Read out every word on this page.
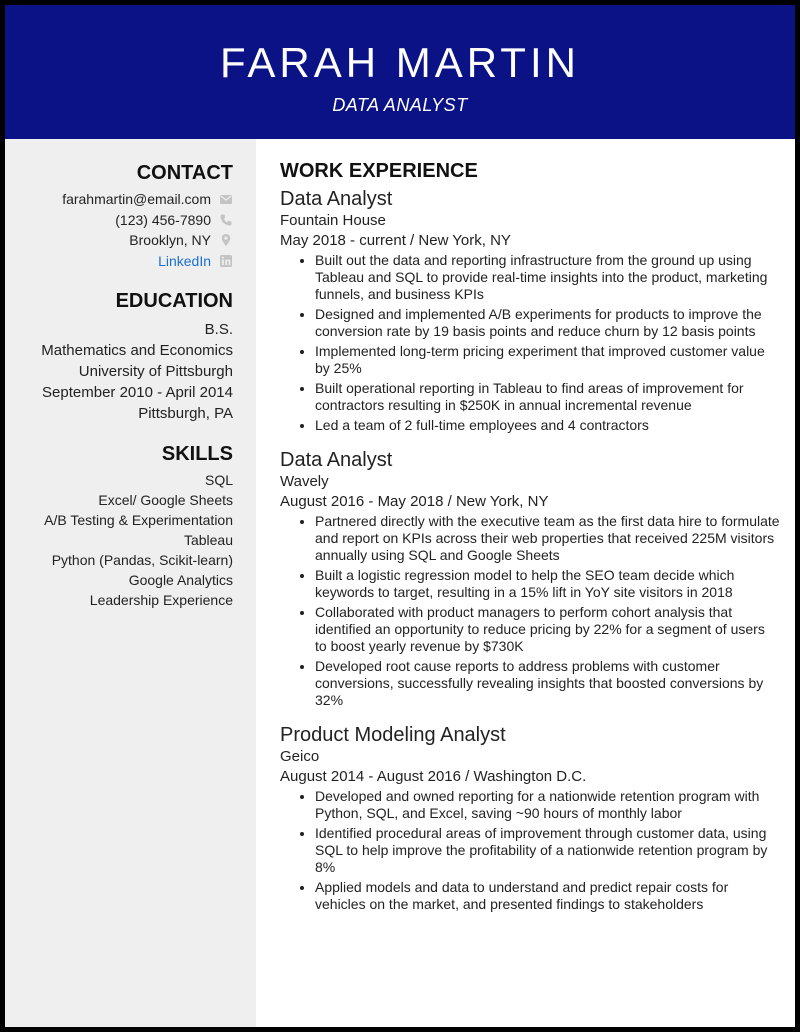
FARAH MARTIN
DATA ANALYST
CONTACT
farahmartin@email.com
(123) 456-7890
Brooklyn, NY
LinkedIn
EDUCATION
B.S.
Mathematics and Economics
University of Pittsburgh
September 2010 - April 2014
Pittsburgh, PA
SKILLS
SQL
Excel/ Google Sheets
A/B Testing & Experimentation
Tableau
Python (Pandas, Scikit-learn)
Google Analytics
Leadership Experience
WORK EXPERIENCE
Data Analyst
Fountain House
May 2018 - current / New York, NY
• Built out the data and reporting infrastructure from the ground up using Tableau and SQL to provide real-time insights into the product, marketing funnels, and business KPIs
• Designed and implemented A/B experiments for products to improve the conversion rate by 19 basis points and reduce churn by 12 basis points
• Implemented long-term pricing experiment that improved customer value by 25%
• Built operational reporting in Tableau to find areas of improvement for contractors resulting in $250K in annual incremental revenue
• Led a team of 2 full-time employees and 4 contractors
Data Analyst
Wavely
August 2016 - May 2018 / New York, NY
• Partnered directly with the executive team as the first data hire to formulate and report on KPIs across their web properties that received 225M visitors annually using SQL and Google Sheets
• Built a logistic regression model to help the SEO team decide which keywords to target, resulting in a 15% lift in YoY site visitors in 2018
• Collaborated with product managers to perform cohort analysis that identified an opportunity to reduce pricing by 22% for a segment of users to boost yearly revenue by $730K
• Developed root cause reports to address problems with customer conversions, successfully revealing insights that boosted conversions by 32%
Product Modeling Analyst
Geico
August 2014 - August 2016 / Washington D.C.
• Developed and owned reporting for a nationwide retention program with Python, SQL, and Excel, saving ~90 hours of monthly labor
• Identified procedural areas of improvement through customer data, using SQL to help improve the profitability of a nationwide retention program by 8%
• Applied models and data to understand and predict repair costs for vehicles on the market, and presented findings to stakeholders
